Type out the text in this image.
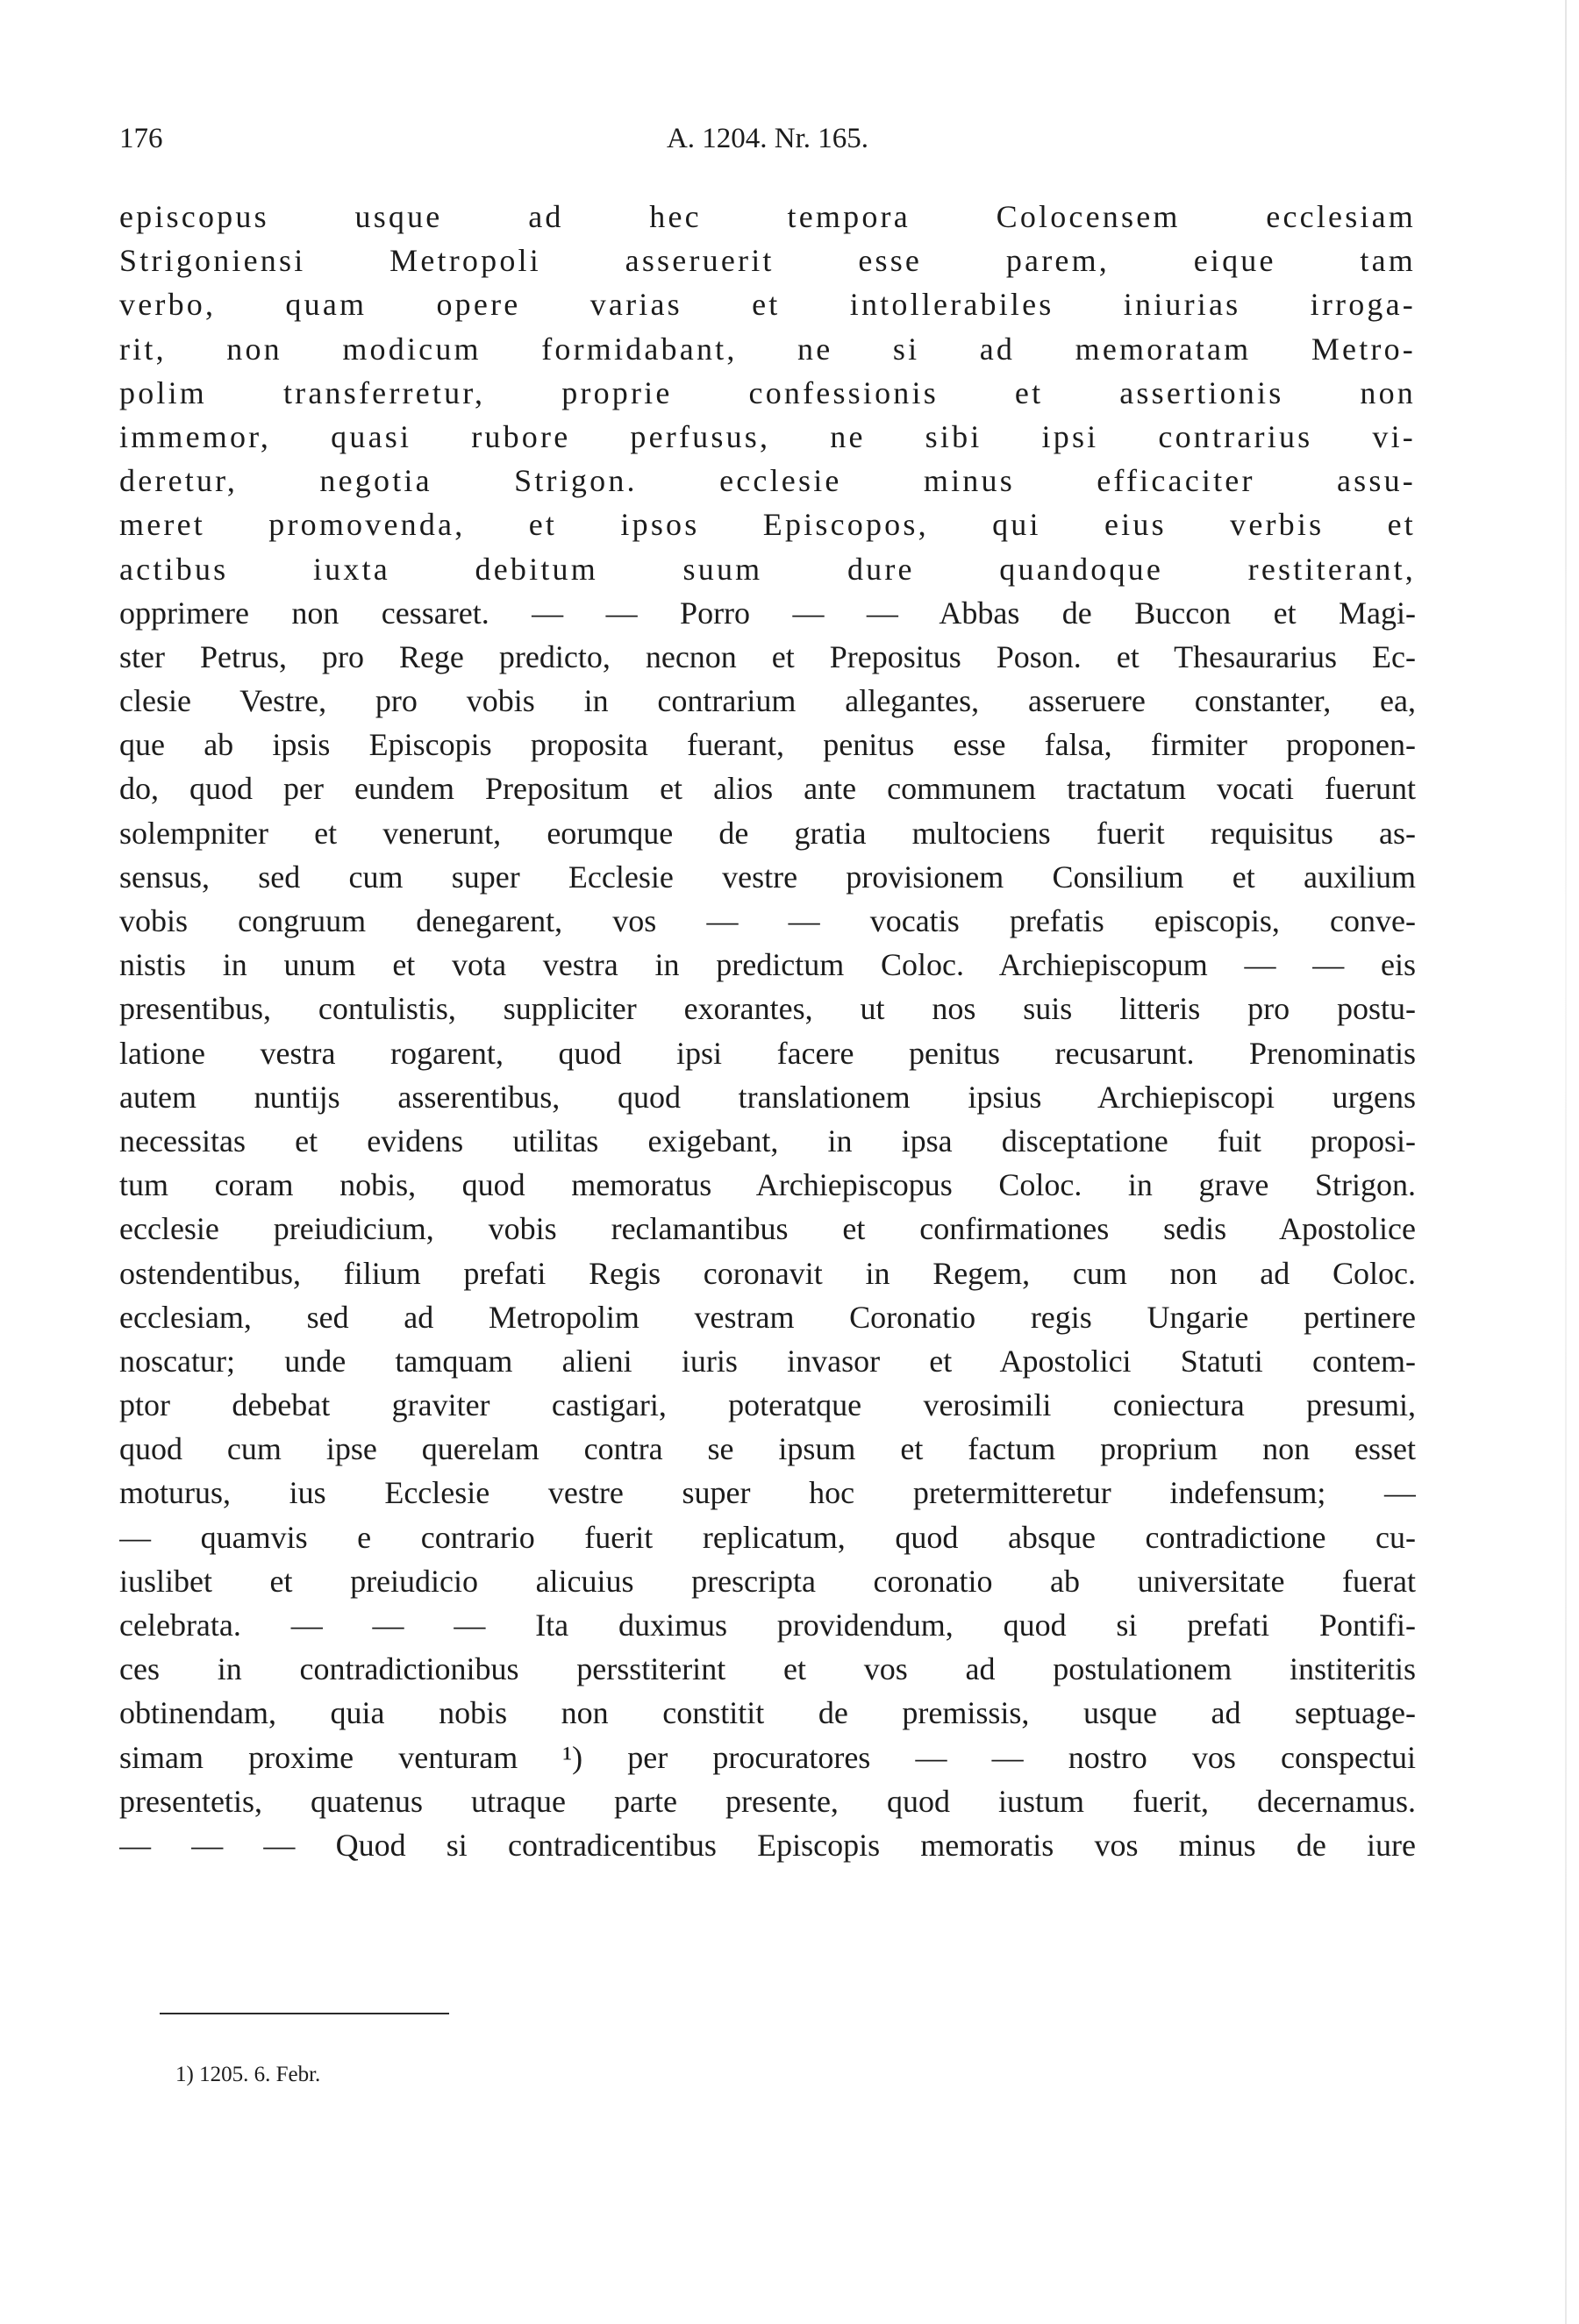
176	A. 1204. Nr. 165.
episcopus usque ad hec tempora Colocensem ecclesiam
Strigoniensi Metropoli asseruerit esse parem, eique tam
verbo, quam opere varias et intollerabiles iniurias irroga-
rit, non modicum formidabant, ne si ad memoratam Metro-
polim transferretur, proprie confessionis et assertionis non
immemor, quasi rubore perfusus, ne sibi ipsi contrarius vi-
deretur, negotia Strigon. ecclesie minus efficaciter assu-
meret promovenda, et ipsos Episcopos, qui eius verbis et
actibus iuxta debitum suum dure quandoque restiterant,
opprimere non cessaret. — — Porro — — Abbas de Buccon et Magi-
ster Petrus, pro Rege predicto, necnon et Prepositus Poson. et Thesaurarius Ec-
clesie Vestre, pro vobis in contrarium allegantes, asseruere constanter, ea,
que ab ipsis Episcopis proposita fuerant, penitus esse falsa, firmiter proponen-
do, quod per eundem Prepositum et alios ante communem tractatum vocati fuerunt
solempniter et venerunt, eorumque de gratia multociens fuerit requisitus as-
sensus, sed cum super Ecclesie vestre provisionem Consilium et auxilium
vobis congruum denegarent, vos — — vocatis prefatis episcopis, conve-
nistis in unum et vota vestra in predictum Coloc. Archiepiscopum — — eis
presentibus, contulistis, suppliciter exorantes, ut nos suis litteris pro postu-
latione vestra rogarent, quod ipsi facere penitus recusarunt. Prenominatis
autem nuntijs asserentibus, quod translationem ipsius Archiepiscopi urgens
necessitas et evidens utilitas exigebant, in ipsa disceptatione fuit proposi-
tum coram nobis, quod memoratus Archiepiscopus Coloc. in grave Strigon.
ecclesie preiudicium, vobis reclamantibus et confirmationes sedis Apostolice
ostendentibus, filium prefati Regis coronavit in Regem, cum non ad Coloc.
ecclesiam, sed ad Metropolim vestram Coronatio regis Ungarie pertinere
noscatur; unde tamquam alieni iuris invasor et Apostolici Statuti contem-
ptor debebat graviter castigari, poteratque verosimili coniectura presumi,
quod cum ipse querelam contra se ipsum et factum proprium non esset
moturus, ius Ecclesie vestre super hoc pretermitteretur indefensum; —
— quamvis e contrario fuerit replicatum, quod absque contradictione cu-
iuslibet et preiudicio alicuius prescripta coronatio ab universitate fuerat
celebrata. — — — Ita duximus providendum, quod si prefati Pontifi-
ces in contradictionibus persstiterint et vos ad postulationem institeritis
obtinendam, quia nobis non constitit de premissis, usque ad septuage-
simam proxime venturam ¹) per procuratores — — nostro vos conspectui
presentetis, quatenus utraque parte presente, quod iustum fuerit, decernamus.
— — — Quod si contradicentibus Episcopis memoratis vos minus de iure
1) 1205. 6. Febr.
